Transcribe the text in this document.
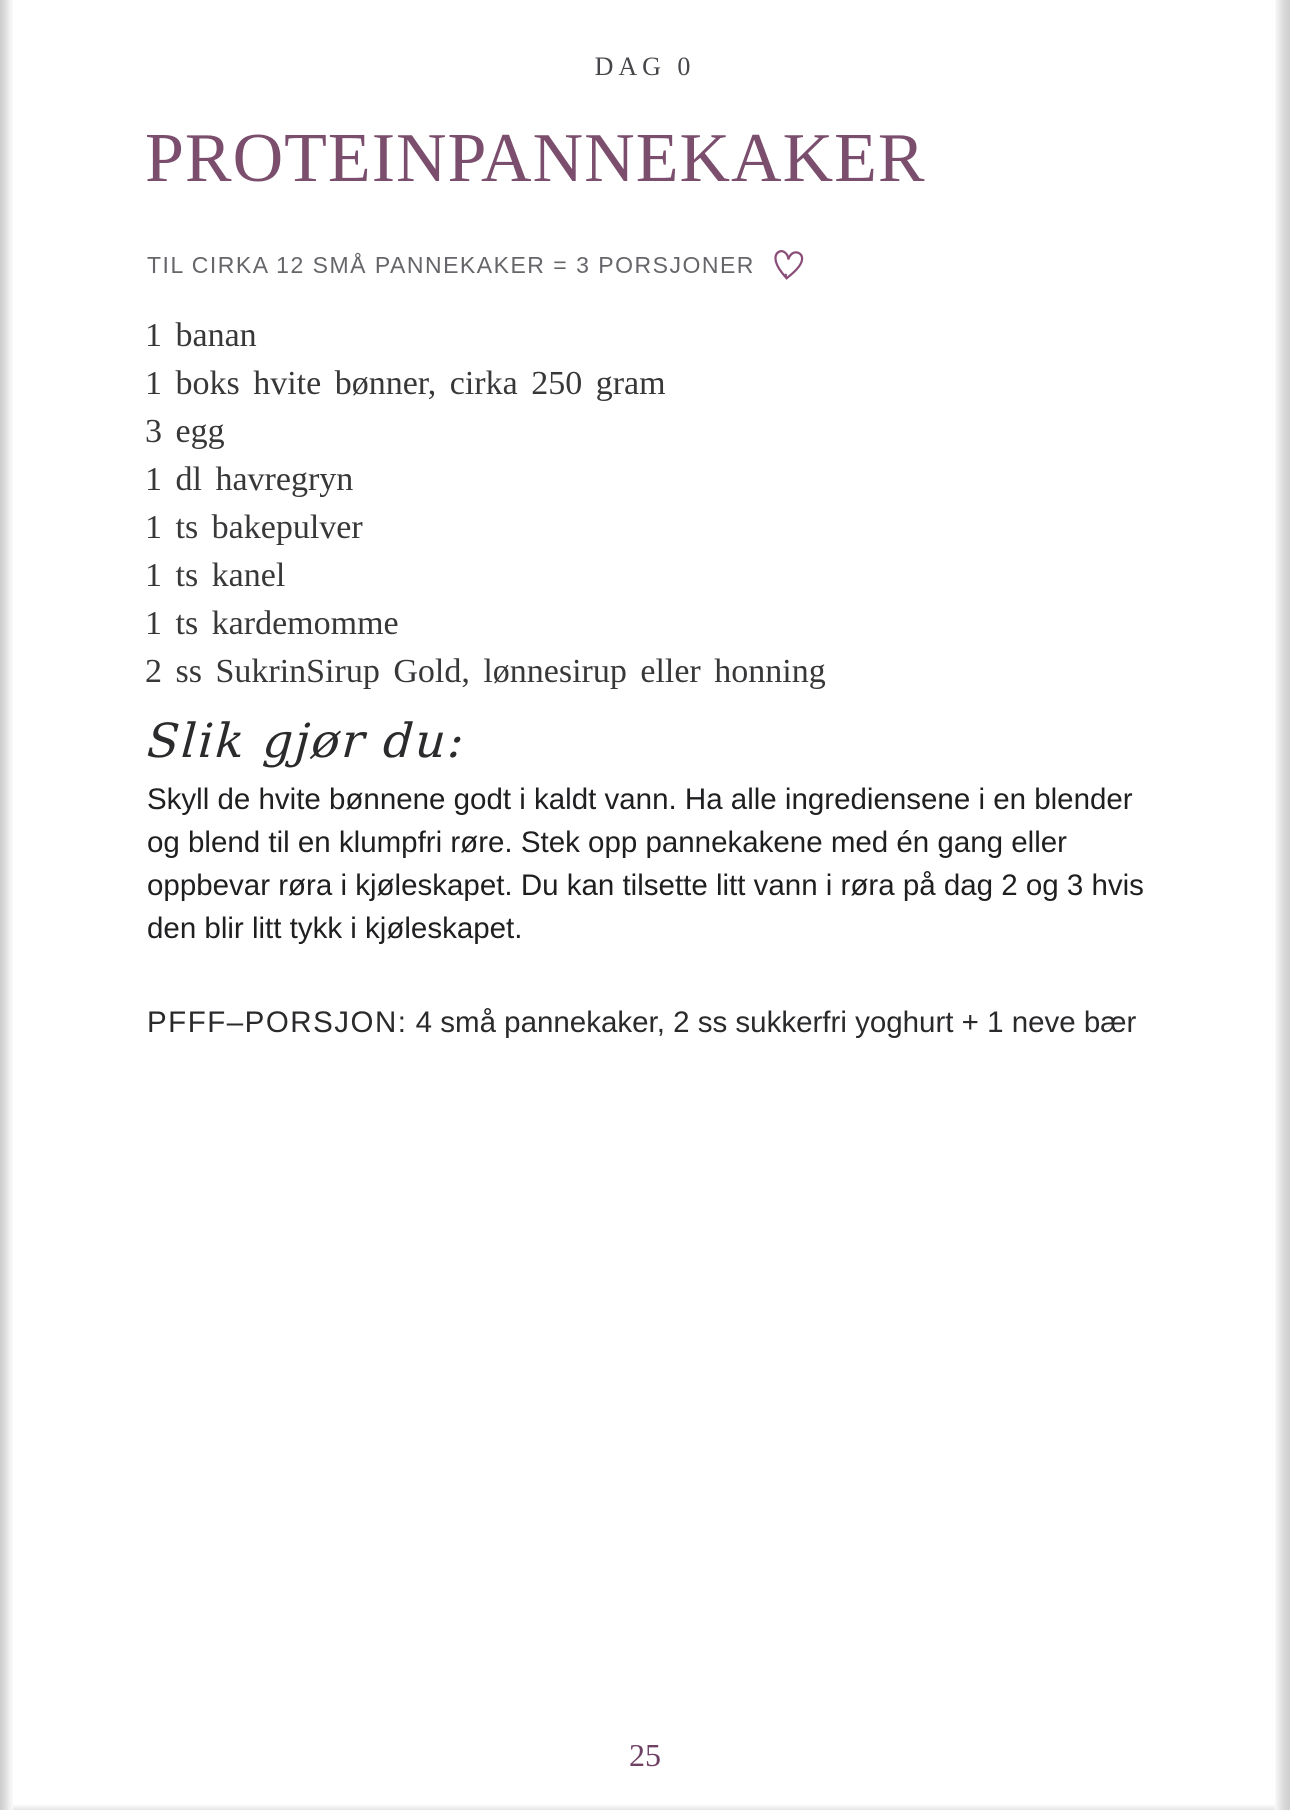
DAG 0
PROTEINPANNEKAKER
TIL CIRKA 12 SMÅ PANNEKAKER = 3 PORSJONER
1 banan
1 boks hvite bønner, cirka 250 gram
3 egg
1 dl havregryn
1 ts bakepulver
1 ts kanel
1 ts kardemomme
2 ss SukrinSirup Gold, lønnesirup eller honning
Slik gjør du:

Skyll de hvite bønnene godt i kaldt vann. Ha alle ingrediensene i en blender og blend til en klumpfri røre. Stek opp pannekakene med én gang eller oppbevar røra i kjøleskapet. Du kan tilsette litt vann i røra på dag 2 og 3 hvis den blir litt tykk i kjøleskapet.

PFFF–PORSJON: 4 små pannekaker, 2 ss sukkerfri yoghurt + 1 neve bær

25
